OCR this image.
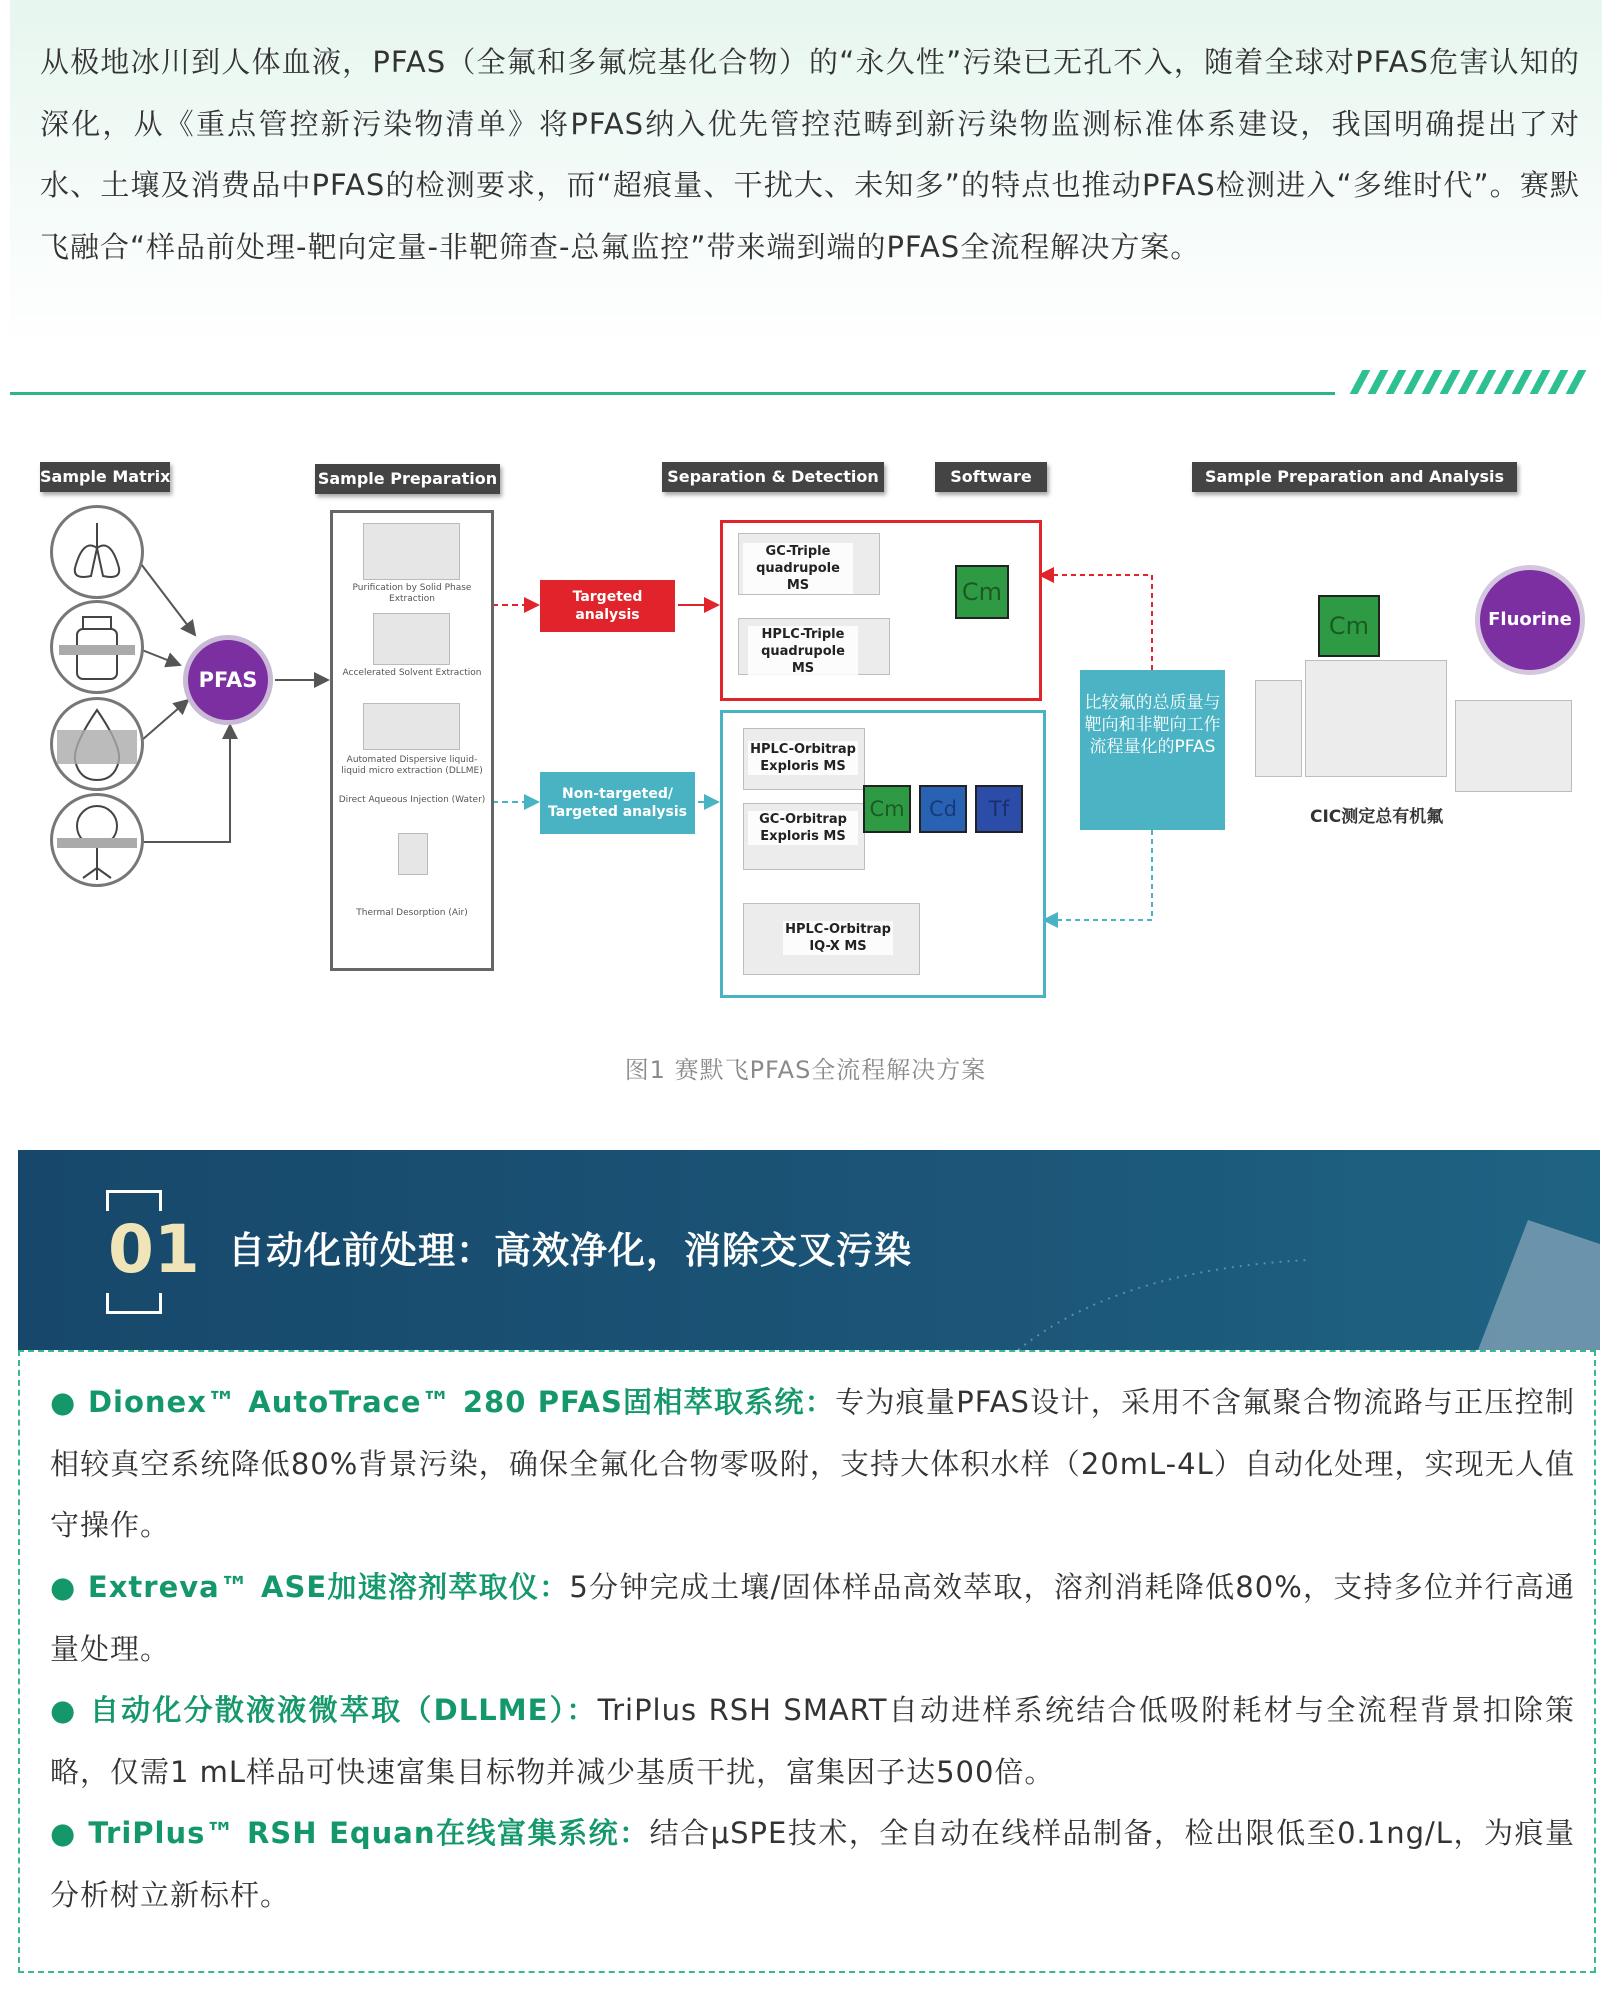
从极地冰川到人体血液，PFAS（全氟和多氟烷基化合物）的“永久性”污染已无孔不入，随着全球对PFAS危害认知的深化，从《重点管控新污染物清单》将PFAS纳入优先管控范畴到新污染物监测标准体系建设，我国明确提出了对水、土壤及消费品中PFAS的检测要求，而“超痕量、干扰大、未知多”的特点也推动PFAS检测进入“多维时代”。赛默飞融合“样品前处理-靶向定量-非靶筛查-总氟监控”带来端到端的PFAS全流程解决方案。

Sample Matrix	Sample Preparation	Separation & Detection	Software	Sample Preparation and Analysis
PFAS
Purification by Solid Phase Extraction
Accelerated Solvent Extraction
Automated Dispersive liquid-liquid micro extraction (DLLME)
Direct Aqueous Injection (Water)
Thermal Desorption (Air)
Targeted analysis
Non-targeted/ Targeted analysis
GC-Triple quadrupole MS
HPLC-Triple quadrupole MS
Cm
HPLC-Orbitrap Exploris MS
GC-Orbitrap Exploris MS
HPLC-Orbitrap IQ-X MS
Cm	Cd	Tf
比较氟的总质量与靶向和非靶向工作流程量化的PFAS
Cm	Fluorine
CIC测定总有机氟
图1 赛默飞PFAS全流程解决方案
01 自动化前处理：高效净化，消除交叉污染

● Dionex™ AutoTrace™ 280 PFAS固相萃取系统：专为痕量PFAS设计，采用不含氟聚合物流路与正压控制相较真空系统降低80%背景污染，确保全氟化合物零吸附，支持大体积水样（20mL-4L）自动化处理，实现无人值守操作。

● Extreva™ ASE加速溶剂萃取仪：5分钟完成土壤/固体样品高效萃取，溶剂消耗降低80%，支持多位并行高通量处理。

● 自动化分散液液微萃取（DLLME）：TriPlus RSH SMART自动进样系统结合低吸附耗材与全流程背景扣除策略，仅需1 mL样品可快速富集目标物并减少基质干扰，富集因子达500倍。

● TriPlus™ RSH Equan在线富集系统：结合μSPE技术，全自动在线样品制备，检出限低至0.1ng/L，为痕量分析树立新标杆。
